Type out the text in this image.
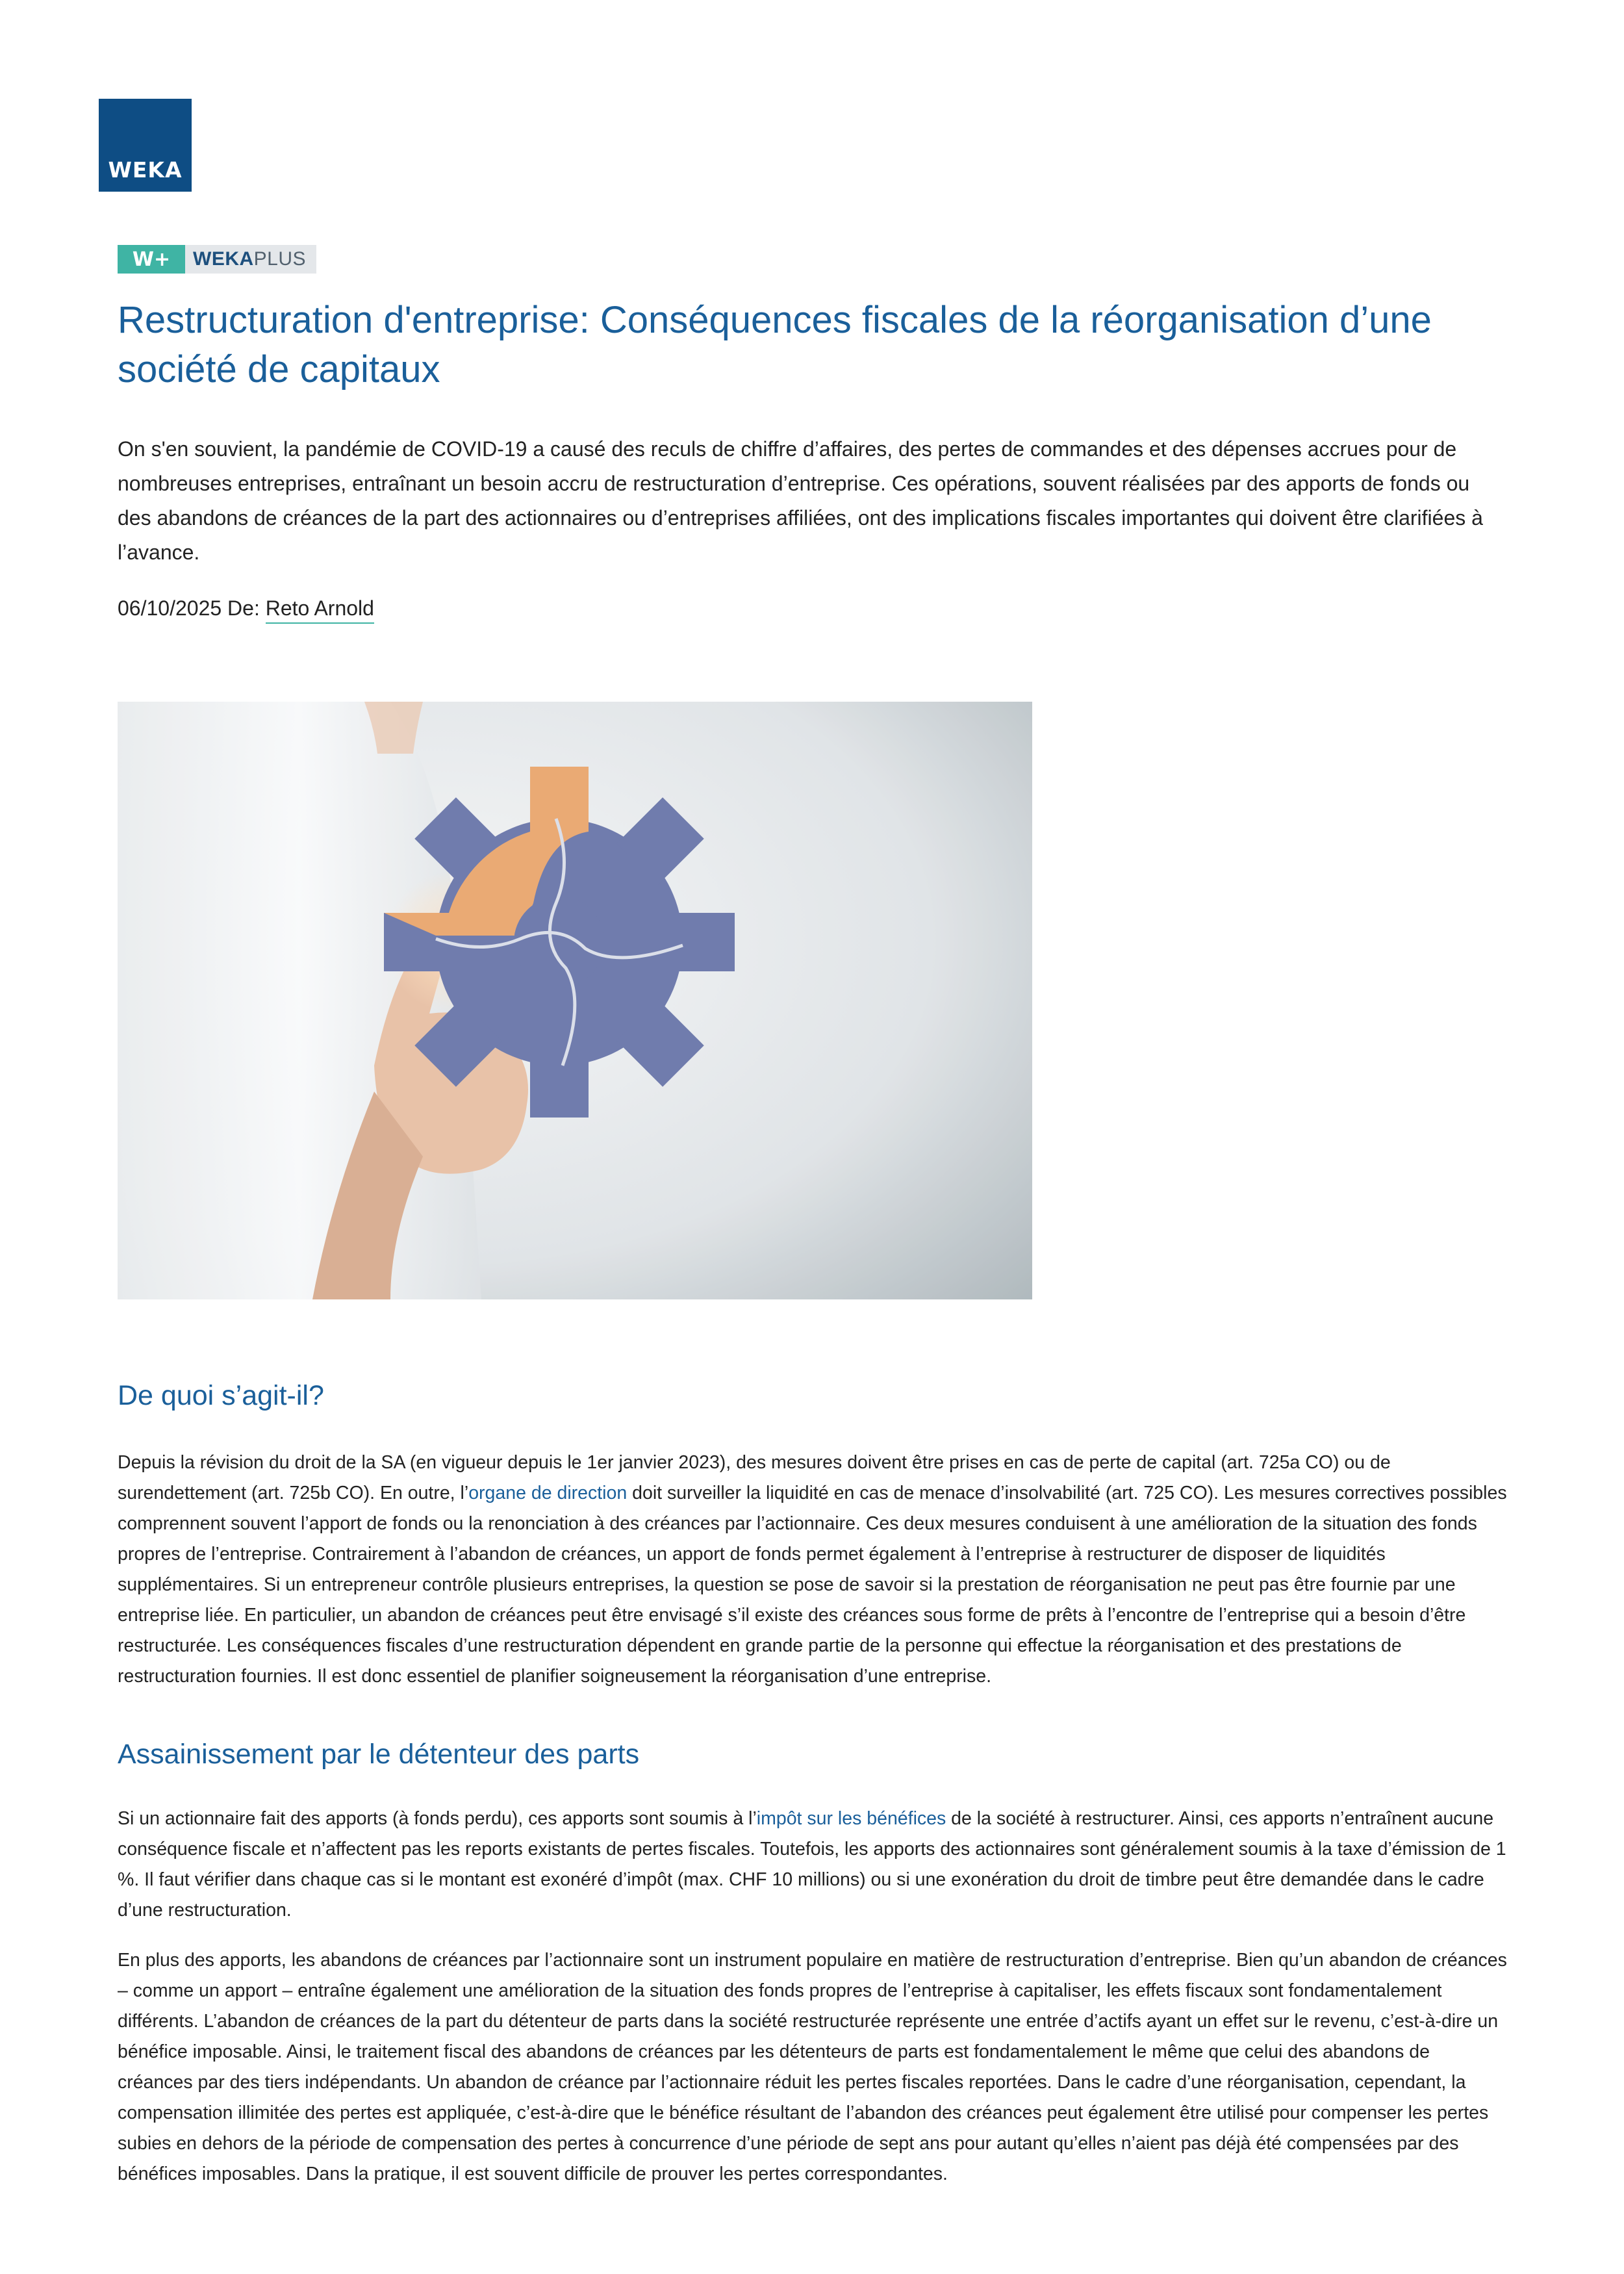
WEKA
W+	WEKA PLUS
Restructuration d'entreprise: Conséquences fiscales de la réorganisation d’une société de capitaux

On s'en souvient, la pandémie de COVID-19 a causé des reculs de chiffre d’affaires, des pertes de commandes et des dépenses accrues pour de nombreuses entreprises, entraînant un besoin accru de restructuration d’entreprise. Ces opérations, souvent réalisées par des apports de fonds ou des abandons de créances de la part des actionnaires ou d’entreprises affiliées, ont des implications fiscales importantes qui doivent être clarifiées à l’avance.

06/10/2025 De: Reto Arnold
De quoi s’agit-il?

Depuis la révision du droit de la SA (en vigueur depuis le 1er janvier 2023), des mesures doivent être prises en cas de perte de capital (art. 725a CO) ou de surendettement (art. 725b CO). En outre, l’organe de direction doit surveiller la liquidité en cas de menace d’insolvabilité (art. 725 CO). Les mesures correctives possibles comprennent souvent l’apport de fonds ou la renonciation à des créances par l’actionnaire. Ces deux mesures conduisent à une amélioration de la situation des fonds propres de l’entreprise. Contrairement à l’abandon de créances, un apport de fonds permet également à l’entreprise à restructurer de disposer de liquidités supplémentaires. Si un entrepreneur contrôle plusieurs entreprises, la question se pose de savoir si la prestation de réorganisation ne peut pas être fournie par une entreprise liée. En particulier, un abandon de créances peut être envisagé s’il existe des créances sous forme de prêts à l’encontre de l’entreprise qui a besoin d’être restructurée. Les conséquences fiscales d’une restructuration dépendent en grande partie de la personne qui effectue la réorganisation et des prestations de restructuration fournies. Il est donc essentiel de planifier soigneusement la réorganisation d’une entreprise.

Assainissement par le détenteur des parts

Si un actionnaire fait des apports (à fonds perdu), ces apports sont soumis à l’impôt sur les bénéfices de la société à restructurer. Ainsi, ces apports n’entraînent aucune conséquence fiscale et n’affectent pas les reports existants de pertes fiscales. Toutefois, les apports des actionnaires sont généralement soumis à la taxe d’émission de 1 %. Il faut vérifier dans chaque cas si le montant est exonéré d’impôt (max. CHF 10 millions) ou si une exonération du droit de timbre peut être demandée dans le cadre d’une restructuration.

En plus des apports, les abandons de créances par l’actionnaire sont un instrument populaire en matière de restructuration d’entreprise. Bien qu’un abandon de créances – comme un apport – entraîne également une amélioration de la situation des fonds propres de l’entreprise à capitaliser, les effets fiscaux sont fondamentalement différents. L’abandon de créances de la part du détenteur de parts dans la société restructurée représente une entrée d’actifs ayant un effet sur le revenu, c’est-à-dire un bénéfice imposable. Ainsi, le traitement fiscal des abandons de créances par les détenteurs de parts est fondamentalement le même que celui des abandons de créances par des tiers indépendants. Un abandon de créance par l’actionnaire réduit les pertes fiscales reportées. Dans le cadre d’une réorganisation, cependant, la compensation illimitée des pertes est appliquée, c’est-à-dire que le bénéfice résultant de l’abandon des créances peut également être utilisé pour compenser les pertes subies en dehors de la période de compensation des pertes à concurrence d’une période de sept ans pour autant qu’elles n’aient pas déjà été compensées par des bénéfices imposables. Dans la pratique, il est souvent difficile de prouver les pertes correspondantes.
